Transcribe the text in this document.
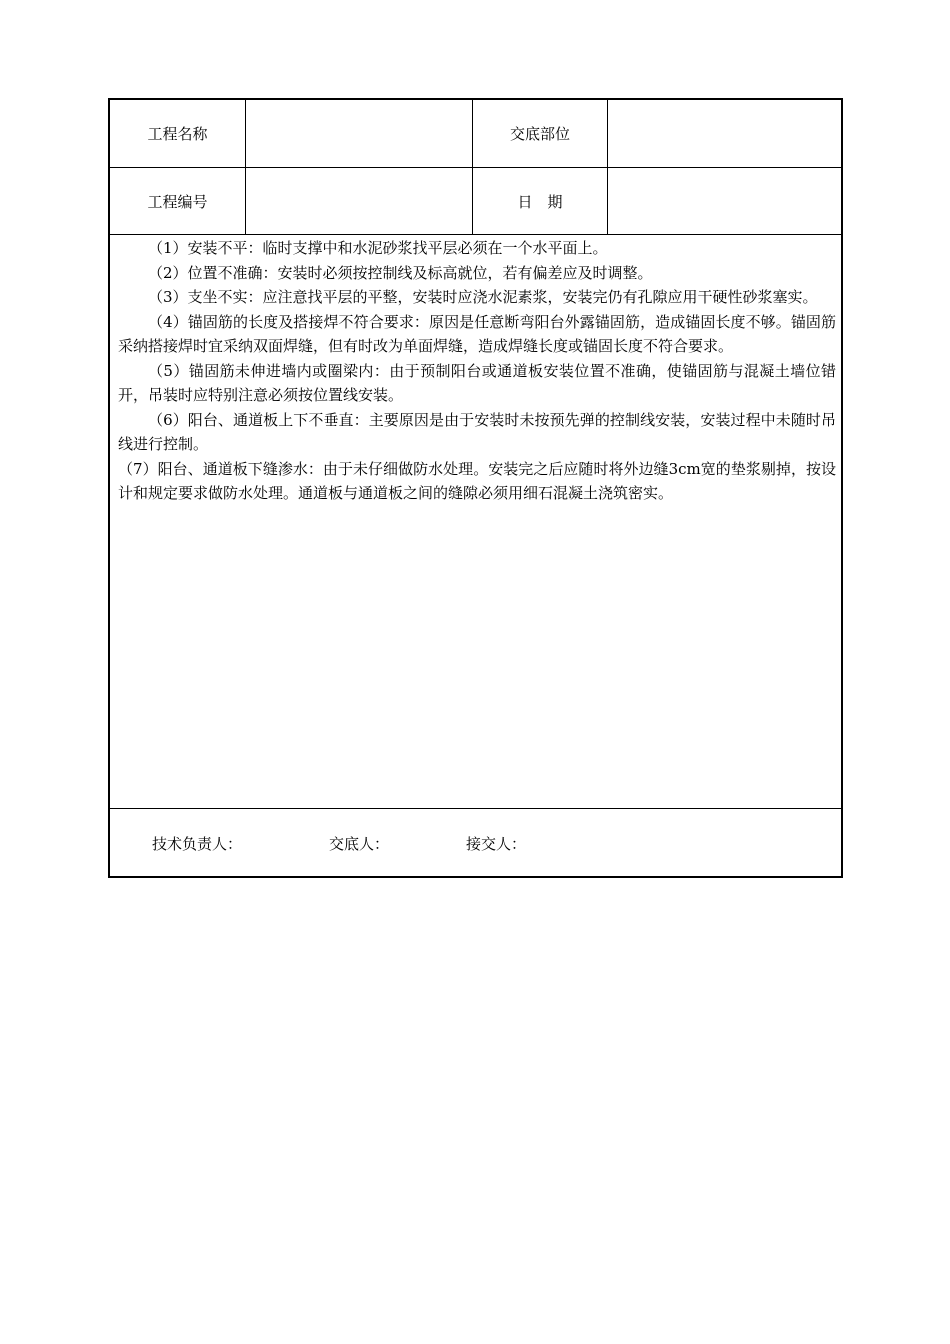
工程名称	交底部位
工程编号	日　期

（1）安装不平：临时支撑中和水泥砂浆找平层必须在一个水平面上。

（2）位置不准确：安装时必须按控制线及标高就位，若有偏差应及时调整。

（3）支坐不实：应注意找平层的平整，安装时应浇水泥素浆，安装完仍有孔隙应用干硬性砂浆塞实。

（4）锚固筋的长度及搭接焊不符合要求：原因是任意断弯阳台外露锚固筋，造成锚固长度不够。锚固筋采纳搭接焊时宜采纳双面焊缝，但有时改为单面焊缝，造成焊缝长度或锚固长度不符合要求。

（5）锚固筋未伸进墙内或圈梁内：由于预制阳台或通道板安装位置不准确，使锚固筋与混凝土墙位错开，吊装时应特别注意必须按位置线安装。

（6）阳台、通道板上下不垂直：主要原因是由于安装时未按预先弹的控制线安装，安装过程中未随时吊线进行控制。

（7）阳台、通道板下缝渗水：由于未仔细做防水处理。安装完之后应随时将外边缝3cm宽的垫浆剔掉，按设计和规定要求做防水处理。通道板与通道板之间的缝隙必须用细石混凝土浇筑密实。

技术负责人：	交底人：	接交人：
